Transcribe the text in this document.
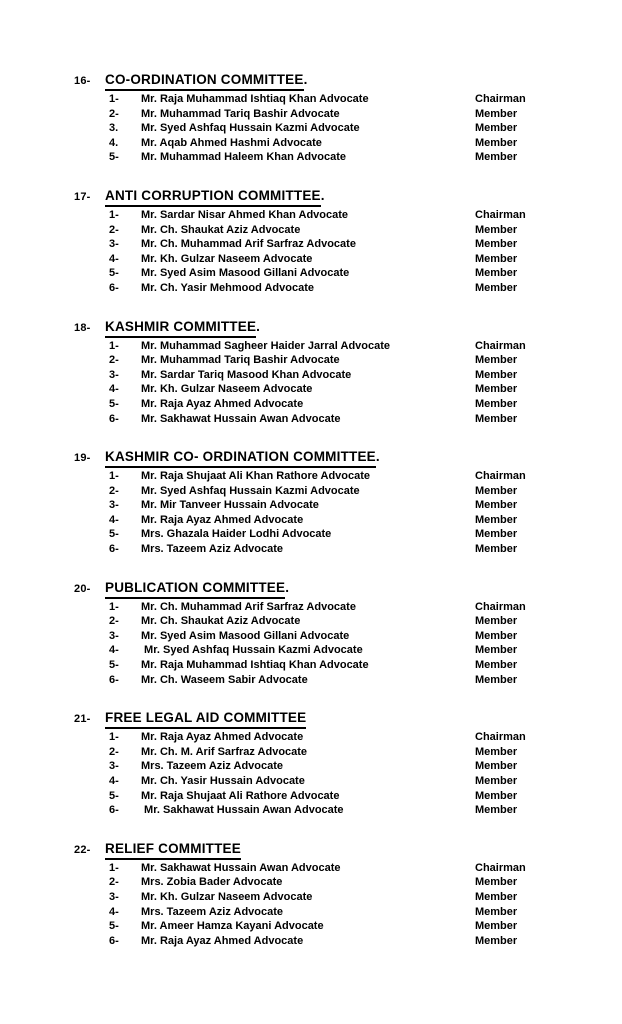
16-	CO-ORDINATION COMMITTEE .
1-	Mr. Raja Muhammad Ishtiaq Khan Advocate	Chairman
2-	Mr. Muhammad Tariq Bashir Advocate	Member
3.	Mr. Syed Ashfaq Hussain Kazmi Advocate	Member
4.	Mr. Aqab Ahmed Hashmi Advocate	Member
5-	Mr. Muhammad Haleem Khan Advocate	Member
17-	ANTI CORRUPTION COMMITTEE .
1-	Mr. Sardar Nisar Ahmed Khan Advocate	Chairman
2-	Mr. Ch. Shaukat Aziz Advocate	Member
3-	Mr. Ch. Muhammad Arif Sarfraz Advocate	Member
4-	Mr. Kh. Gulzar Naseem Advocate	Member
5-	Mr. Syed Asim Masood Gillani Advocate	Member
6-	Mr. Ch. Yasir Mehmood Advocate	Member
18-	KASHMIR COMMITTEE .
1-	Mr. Muhammad Sagheer Haider Jarral Advocate	Chairman
2-	Mr. Muhammad Tariq Bashir Advocate	Member
3-	Mr. Sardar Tariq Masood Khan Advocate	Member
4-	Mr. Kh. Gulzar Naseem Advocate	Member
5-	Mr. Raja Ayaz Ahmed Advocate	Member
6-	Mr. Sakhawat Hussain Awan Advocate	Member
19-	KASHMIR CO- ORDINATION COMMITTEE .
1-	Mr. Raja Shujaat Ali Khan Rathore Advocate	Chairman
2-	Mr. Syed Ashfaq Hussain Kazmi Advocate	Member
3-	Mr. Mir Tanveer Hussain Advocate	Member
4-	Mr. Raja Ayaz Ahmed Advocate	Member
5-	Mrs. Ghazala Haider Lodhi Advocate	Member
6-	Mrs. Tazeem Aziz Advocate	Member
20-	PUBLICATION COMMITTEE .
1-	Mr. Ch. Muhammad Arif Sarfraz Advocate	Chairman
2-	Mr. Ch. Shaukat Aziz Advocate	Member
3-	Mr. Syed Asim Masood Gillani Advocate	Member
4-	Mr. Syed Ashfaq Hussain Kazmi Advocate	Member
5-	Mr. Raja Muhammad Ishtiaq Khan Advocate	Member
6-	Mr. Ch. Waseem Sabir Advocate	Member
21-	FREE LEGAL AID COMMITTEE
1-	Mr. Raja Ayaz Ahmed Advocate	Chairman
2-	Mr. Ch. M. Arif Sarfraz Advocate	Member
3-	Mrs. Tazeem Aziz Advocate	Member
4-	Mr. Ch. Yasir Hussain Advocate	Member
5-	Mr. Raja Shujaat Ali Rathore Advocate	Member
6-	Mr. Sakhawat Hussain Awan Advocate	Member
22-	RELIEF COMMITTEE
1-	Mr. Sakhawat Hussain Awan Advocate	Chairman
2-	Mrs. Zobia Bader Advocate	Member
3-	Mr. Kh. Gulzar Naseem Advocate	Member
4-	Mrs. Tazeem Aziz Advocate	Member
5-	Mr. Ameer Hamza Kayani Advocate	Member
6-	Mr. Raja Ayaz Ahmed Advocate	Member
